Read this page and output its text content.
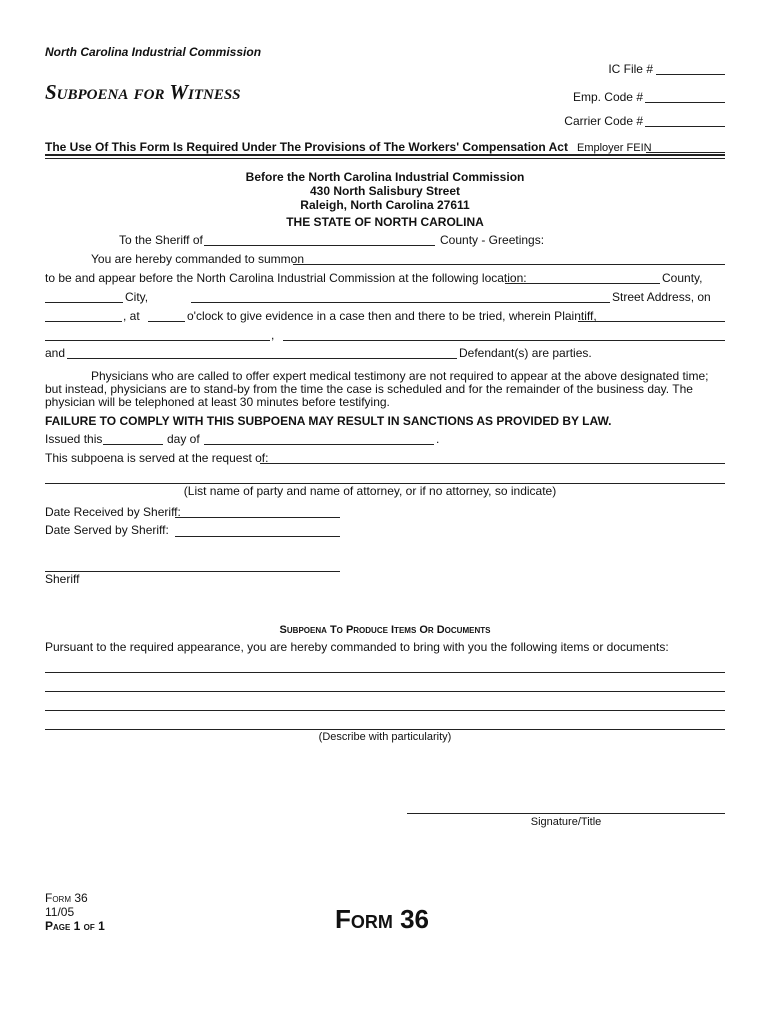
North Carolina Industrial Commission
Subpoena for Witness
IC File #
Emp. Code #
Carrier Code #
Employer FEIN
The Use Of This Form Is Required Under The Provisions of The Workers' Compensation Act
Before the North Carolina Industrial Commission
430 North Salisbury Street
Raleigh, North Carolina 27611
THE STATE OF NORTH CAROLINA
To the Sheriff of	County - Greetings:
You are hereby commanded to summon
to be and appear before the North Carolina Industrial Commission at the following location:	County,
City,	Street Address, on
, at	o'clock to give evidence in a case then and there to be tried, wherein Plaintiff,
,
and	Defendant(s) are parties.
Physicians who are called to offer expert medical testimony are not required to appear at the above designated time; but instead, physicians are to stand-by from the time the case is scheduled and for the remainder of the business day. The physician will be telephoned at least 30 minutes before testifying.
FAILURE TO COMPLY WITH THIS SUBPOENA MAY RESULT IN SANCTIONS AS PROVIDED BY LAW.
Issued this	day of	.
This subpoena is served at the request of:
(List name of party and name of attorney, or if no attorney, so indicate)
Date Received by Sheriff:
Date Served by Sheriff:
Sheriff
Subpoena To Produce Items Or Documents
Pursuant to the required appearance, you are hereby commanded to bring with you the following items or documents:
(Describe with particularity)
Signature/Title
Form 36
11/05
Page 1 of 1	Form 36
